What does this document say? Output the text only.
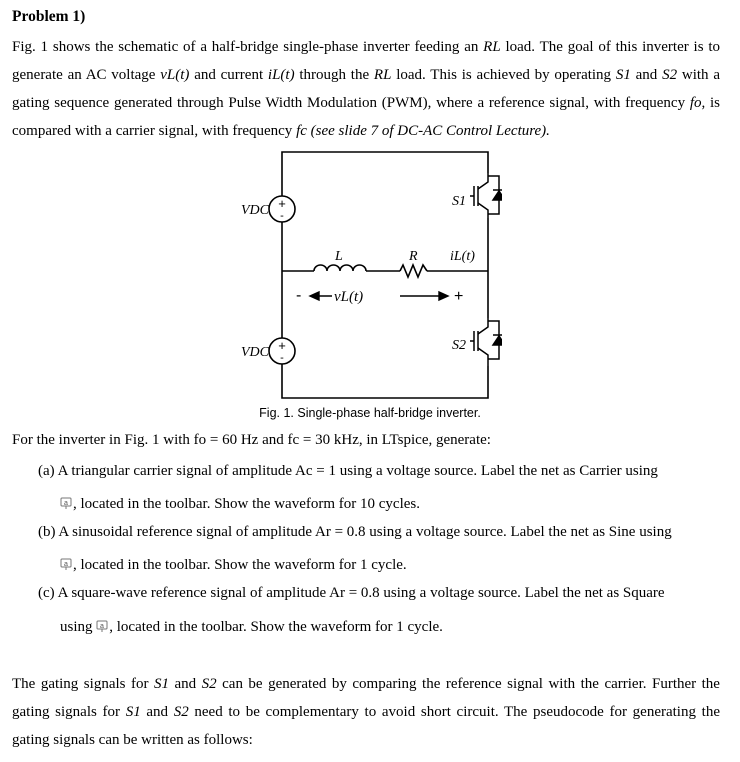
Problem 1)

Fig. 1 shows the schematic of a half-bridge single-phase inverter feeding an RL load. The goal of this inverter is to generate an AC voltage vL(t) and current iL(t) through the RL load. This is achieved by operating S1 and S2 with a gating sequence generated through Pulse Width Modulation (PWM), where a reference signal, with frequency fo, is compared with a carrier signal, with frequency fc (see slide 7 of DC-AC Control Lecture).

+
-
+
-
VDC
VDC
L	R iL(t)
S1
S2
vL(t)
-	+
Fig. 1. Single-phase half-bridge inverter.

For the inverter in Fig. 1 with fo = 60 Hz and fc = 30 kHz, in LTspice, generate:

(a) A triangular carrier signal of amplitude Ac = 1 using a voltage source. Label the net as Carrier using

a , located in the toolbar. Show the waveform for 10 cycles.

(b) A sinusoidal reference signal of amplitude Ar = 0.8 using a voltage source. Label the net as Sine using

a , located in the toolbar. Show the waveform for 1 cycle.

(c) A square-wave reference signal of amplitude Ar = 0.8 using a voltage source. Label the net as Square

using a , located in the toolbar. Show the waveform for 1 cycle.

The gating signals for S1 and S2 can be generated by comparing the reference signal with the carrier. Further the gating signals for S1 and S2 need to be complementary to avoid short circuit. The pseudocode for generating the gating signals can be written as follows:
